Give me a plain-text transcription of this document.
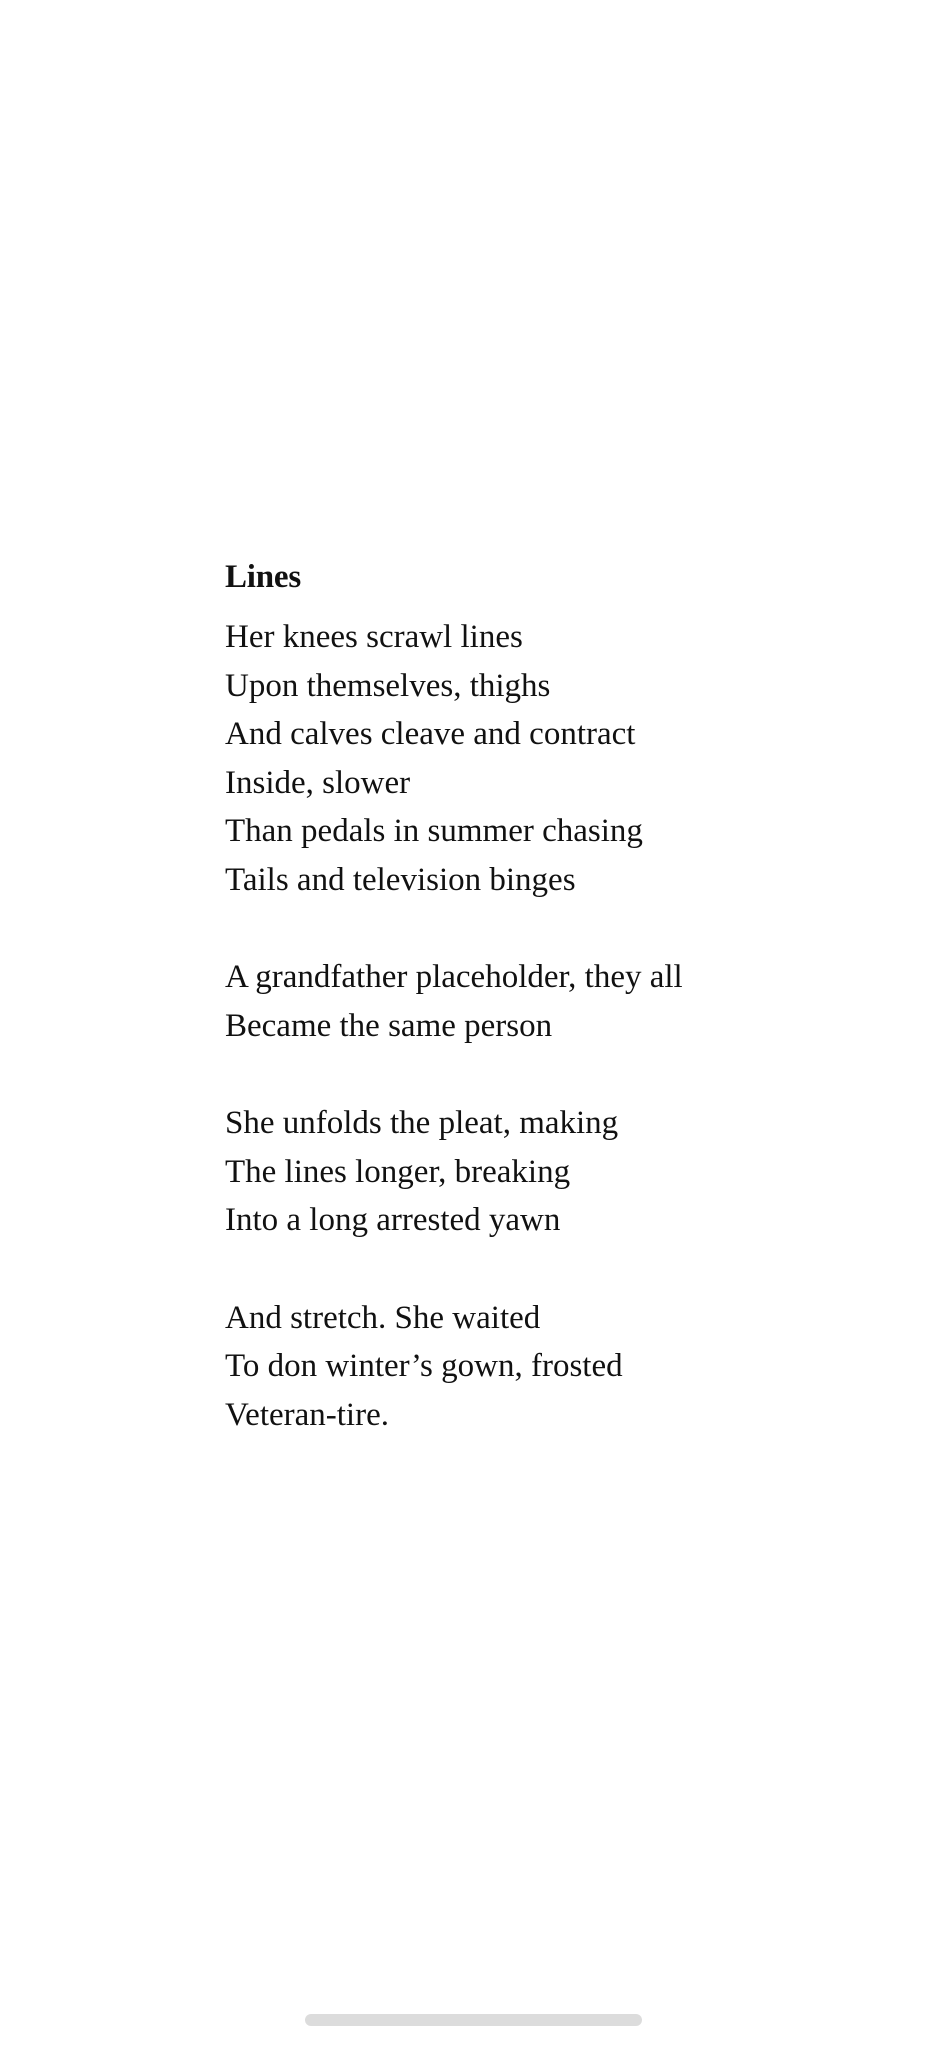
Lines
Her knees scrawl lines
Upon themselves, thighs
And calves cleave and contract
Inside, slower
Than pedals in summer chasing
Tails and television binges
A grandfather placeholder, they all
Became the same person
She unfolds the pleat, making
The lines longer, breaking
Into a long arrested yawn
And stretch. She waited
To don winter’s gown, frosted
Veteran-tire.
